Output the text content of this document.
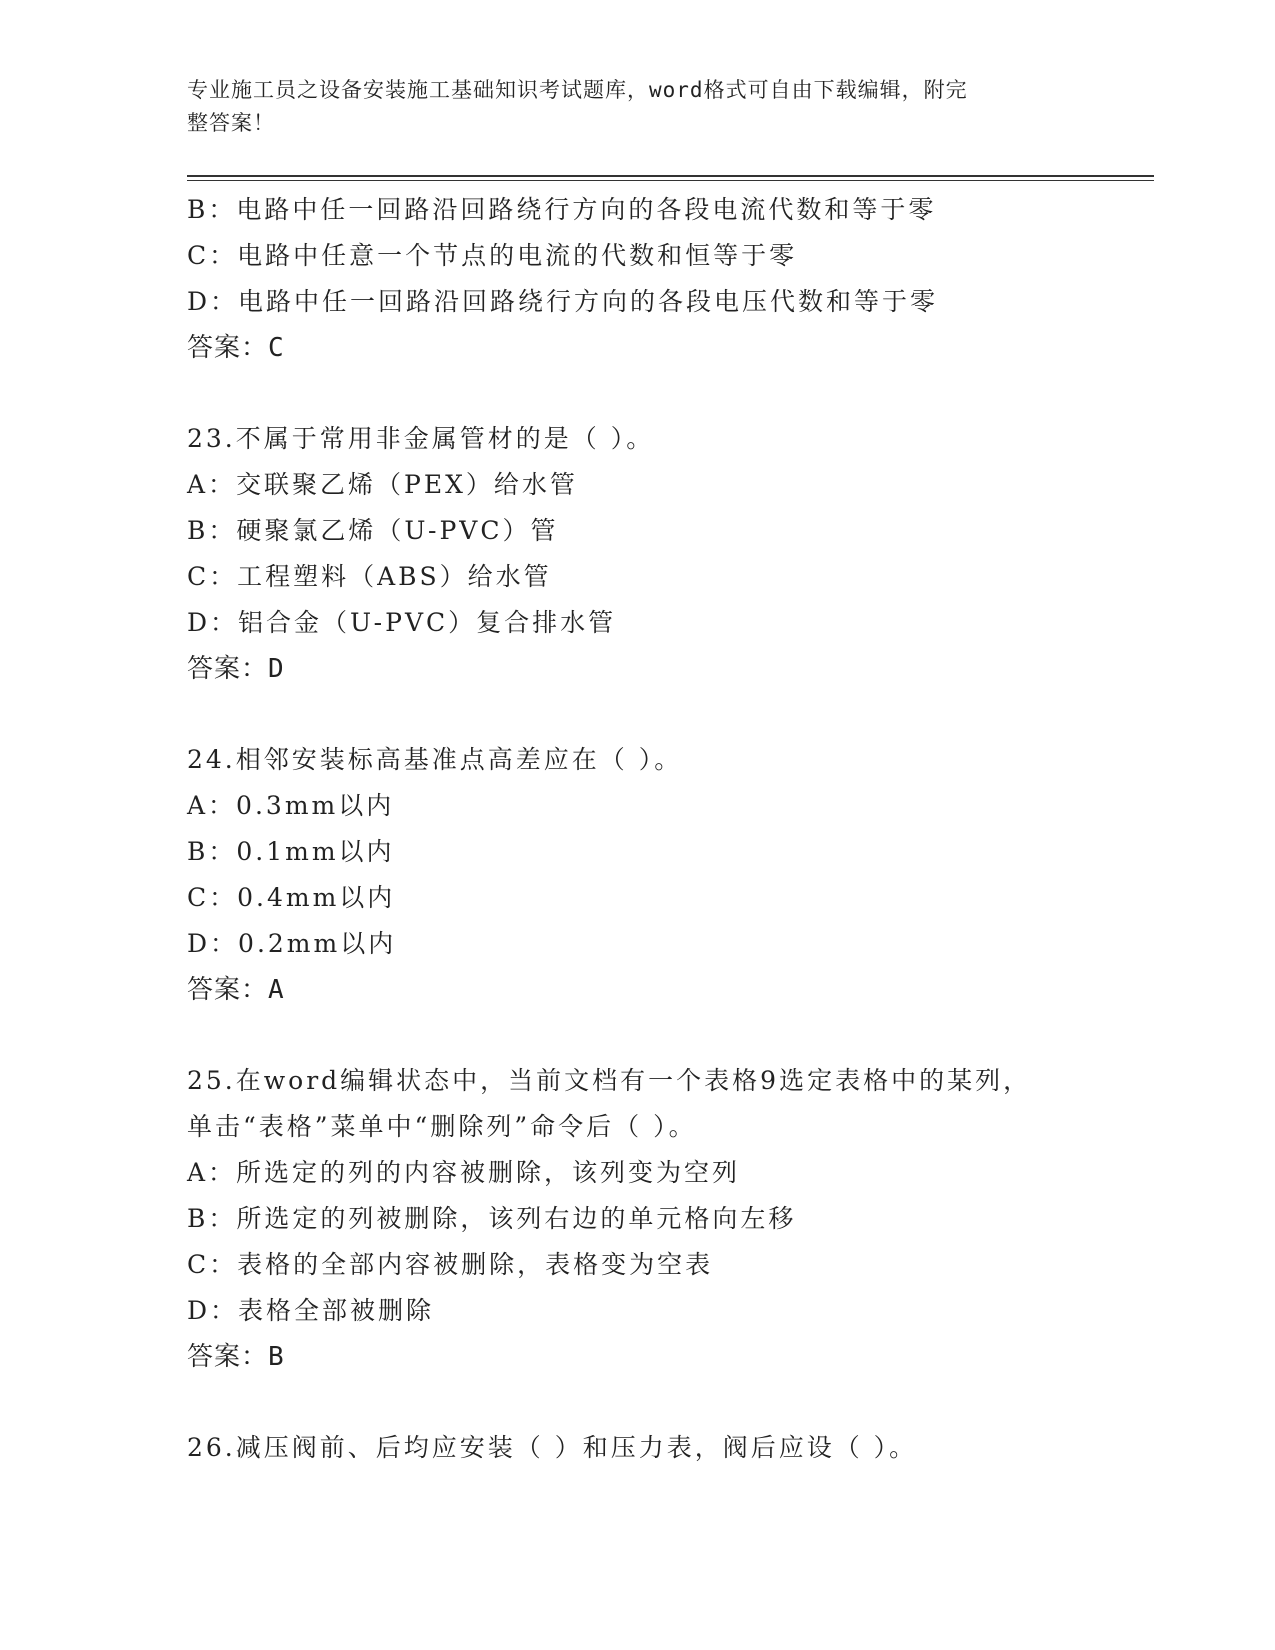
专业施工员之设备安装施工基础知识考试题库，word格式可自由下载编辑，附完
整答案！
B：电路中任一回路沿回路绕行方向的各段电流代数和等于零
C：电路中任意一个节点的电流的代数和恒等于零
D：电路中任一回路沿回路绕行方向的各段电压代数和等于零
答案：C
23.不属于常用非金属管材的是（ ）。
A：交联聚乙烯（PEX）给水管
B：硬聚氯乙烯（U-PVC）管
C：工程塑料（ABS）给水管
D：铝合金（U-PVC）复合排水管
答案：D
24.相邻安装标高基准点高差应在（ ）。
A：0.3mm以内
B：0.1mm以内
C：0.4mm以内
D：0.2mm以内
答案：A
25.在word编辑状态中，当前文档有一个表格9选定表格中的某列，
单击“表格”菜单中“删除列”命令后（ ）。
A：所选定的列的内容被删除，该列变为空列
B：所选定的列被删除，该列右边的单元格向左移
C：表格的全部内容被删除，表格变为空表
D：表格全部被删除
答案：B
26.减压阀前、后均应安装（ ）和压力表，阀后应设（ ）。
